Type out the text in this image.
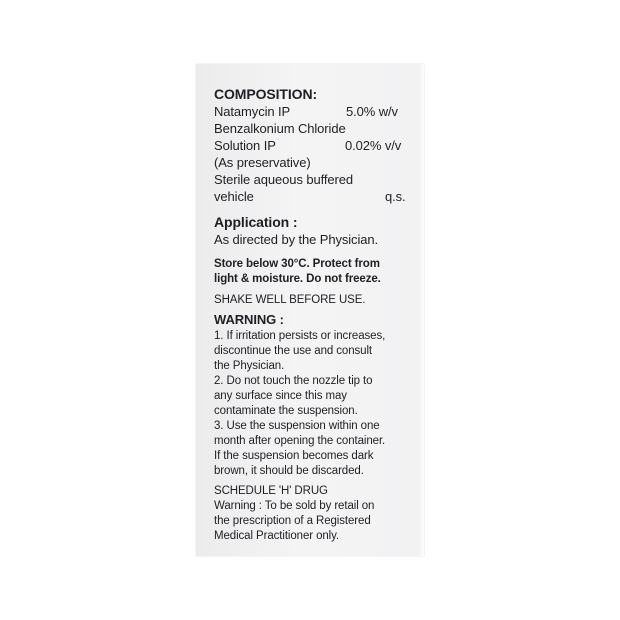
COMPOSITION:
Natamycin IP	5.0% w/v
Benzalkonium Chloride
Solution IP	0.02% v/v
(As preservative)
Sterile aqueous buffered
vehicle	q.s.
Application :
As directed by the Physician.
Store below 30°C. Protect from
light & moisture. Do not freeze.
SHAKE WELL BEFORE USE.
WARNING :
1. If irritation persists or increases,
discontinue the use and consult
the Physician.
2. Do not touch the nozzle tip to
any surface since this may
contaminate the suspension.
3. Use the suspension within one
month after opening the container.
If the suspension becomes dark
brown, it should be discarded.
SCHEDULE 'H' DRUG
Warning : To be sold by retail on
the prescription of a Registered
Medical Practitioner only.
